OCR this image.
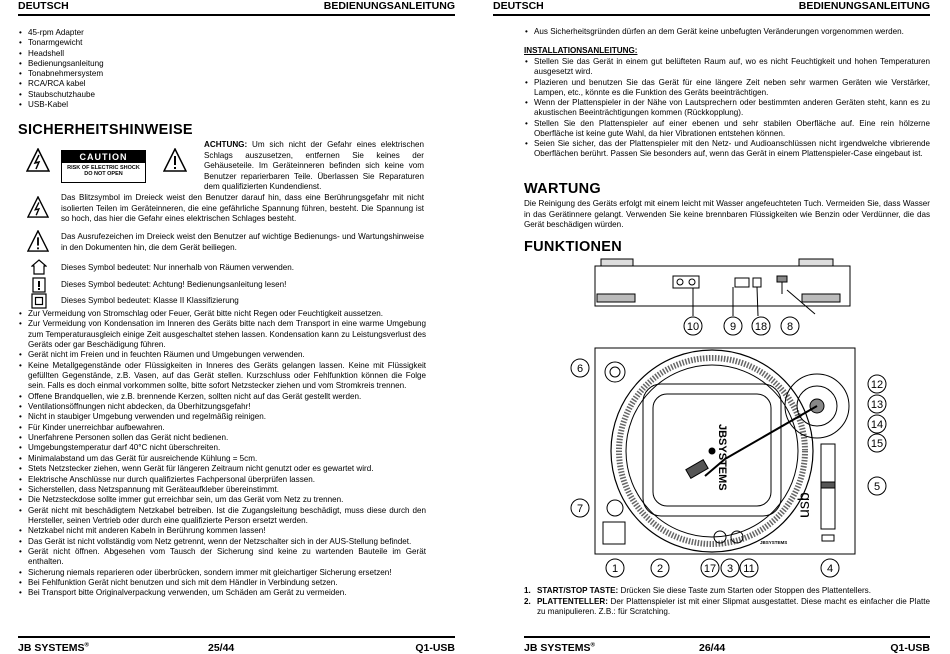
DEUTSCH	BEDIENUNGSANLEITUNG
• 45-rpm Adapter
• Tonarmgewicht
• Headshell
• Bedienungsanleitung
• Tonabnehmersystem
• RCA/RCA kabel
• Staubschutzhaube
• USB-Kabel
SICHERHEITSHINWEISE
CAUTION
RISK OF ELECTRIC SHOCK
DO NOT OPEN
ACHTUNG: Um sich nicht der Gefahr eines elektrischen Schlags auszusetzen, entfernen Sie keines der Gehäuseteile. Im Geräteinneren befinden sich keine vom Benutzer reparierbaren Teile. Überlassen Sie Reparaturen dem qualifizierten Kundendienst.
Das Blitzsymbol im Dreieck weist den Benutzer darauf hin, dass eine Berührungsgefahr mit nicht isolierten Teilen im Geräteinneren, die eine gefährliche Spannung führen, besteht. Die Spannung ist so hoch, das hier die Gefahr eines elektrischen Schlages besteht.
Das Ausrufezeichen im Dreieck weist den Benutzer auf wichtige Bedienungs- und Wartungshinweise in den Dokumenten hin, die dem Gerät beiliegen.
Dieses Symbol bedeutet: Nur innerhalb von Räumen verwenden.
Dieses Symbol bedeutet: Achtung! Bedienungsanleitung lesen!
Dieses Symbol bedeutet: Klasse II Klassifizierung
• Zur Vermeidung von Stromschlag oder Feuer, Gerät bitte nicht Regen oder Feuchtigkeit aussetzen.
• Zur Vermeidung von Kondensation im Inneren des Geräts bitte nach dem Transport in eine warme Umgebung zum Temperaturausgleich einige Zeit ausgeschaltet stehen lassen. Kondensation kann zu Leistungsverlust des Geräts oder gar Beschädigung führen.
• Gerät nicht im Freien und in feuchten Räumen und Umgebungen verwenden.
• Keine Metallgegenstände oder Flüssigkeiten in Inneres des Geräts gelangen lassen. Keine mit Flüssigkeit gefüllten Gegenstände, z.B. Vasen, auf das Gerät stellen. Kurzschluss oder Fehlfunktion können die Folge sein. Falls es doch einmal vorkommen sollte, bitte sofort Netzstecker ziehen und vom Stromkreis trennen.
• Offene Brandquellen, wie z.B. brennende Kerzen, sollten nicht auf das Gerät gestellt werden.
• Ventilationsöffnungen nicht abdecken, da Überhitzungsgefahr!
• Nicht in staubiger Umgebung verwenden und regelmäßig reinigen.
• Für Kinder unerreichbar aufbewahren.
• Unerfahrene Personen sollen das Gerät nicht bedienen.
• Umgebungstemperatur darf 40°C nicht überschreiten.
• Minimalabstand um das Gerät für ausreichende Kühlung = 5cm.
• Stets Netzstecker ziehen, wenn Gerät für längeren Zeitraum nicht genutzt oder es gewartet wird.
• Elektrische Anschlüsse nur durch qualifiziertes Fachpersonal überprüfen lassen.
• Sicherstellen, dass Netzspannung mit Geräteaufkleber übereinstimmt.
• Die Netzsteckdose sollte immer gut erreichbar sein, um das Gerät vom Netz zu trennen.
• Gerät nicht mit beschädigtem Netzkabel betreiben. Ist die Zugangsleitung beschädigt, muss diese durch den Hersteller, seinen Vertrieb oder durch eine qualifizierte Person ersetzt werden.
• Netzkabel nicht mit anderen Kabeln in Berührung kommen lassen!
• Das Gerät ist nicht vollständig vom Netz getrennt, wenn der Netzschalter sich in der AUS-Stellung befindet.
• Gerät nicht öffnen. Abgesehen vom Tausch der Sicherung sind keine zu wartenden Bauteile im Gerät enthalten.
• Sicherung niemals reparieren oder überbrücken, sondern immer mit gleichartiger Sicherung ersetzen!
• Bei Fehlfunktion Gerät nicht benutzen und sich mit dem Händler in Verbindung setzen.
• Bei Transport bitte Originalverpackung verwenden, um Schäden am Gerät zu vermeiden.
JB SYSTEMS®	25/44	Q1-USB
DEUTSCH	BEDIENUNGSANLEITUNG
• Aus Sicherheitsgründen dürfen an dem Gerät keine unbefugten Veränderungen vorgenommen werden.
INSTALLATIONSANLEITUNG:
• Stellen Sie das Gerät in einem gut belüfteten Raum auf, wo es nicht Feuchtigkeit und hohen Temperaturen ausgesetzt wird.
• Plazieren und benutzen Sie das Gerät für eine längere Zeit neben sehr warmen Geräten wie Verstärker, Lampen, etc., könnte es die Funktion des Geräts beeinträchtigen.
• Wenn der Plattenspieler in der Nähe von Lautsprechern oder bestimmten anderen Geräten steht, kann es zu akustischen Beeinträchtigungen kommen (Rückkopplung).
• Stellen Sie den Plattenspieler auf einer ebenen und sehr stabilen Oberfläche auf. Eine rein hölzerne Oberfläche ist keine gute Wahl, da hier Vibrationen entstehen können.
• Seien Sie sicher, das der Plattenspieler mit den Netz- und Audioanschlüssen nicht irgendwelche vibrierende Oberflächen berührt. Passen Sie besonders auf, wenn das Gerät in einem Plattenspieler-Case eingebaut ist.
WARTUNG
Die Reinigung des Geräts erfolgt mit einem leicht mit Wasser angefeuchteten Tuch. Vermeiden Sie, dass Wasser in das Gerätinnere gelangt. Verwenden Sie keine brennbaren Flüssigkeiten wie Benzin oder Verdünner, die das Gerät beschädigen würden.
FUNKTIONEN
JBSYSTEMS
usb
JBSYSTEMS
10	9 18 8
6
12
13
14
15
5
7
1	2	17 3 11	4
1. START/STOP TASTE: Drücken Sie diese Taste zum Starten oder Stoppen des Plattentellers.
2. PLATTENTELLER: Der Plattenspieler ist mit einer Slipmat ausgestattet. Diese macht es einfacher die Platte zu manipulieren. Z.B.: für Scratching.
JB SYSTEMS®	26/44	Q1-USB
